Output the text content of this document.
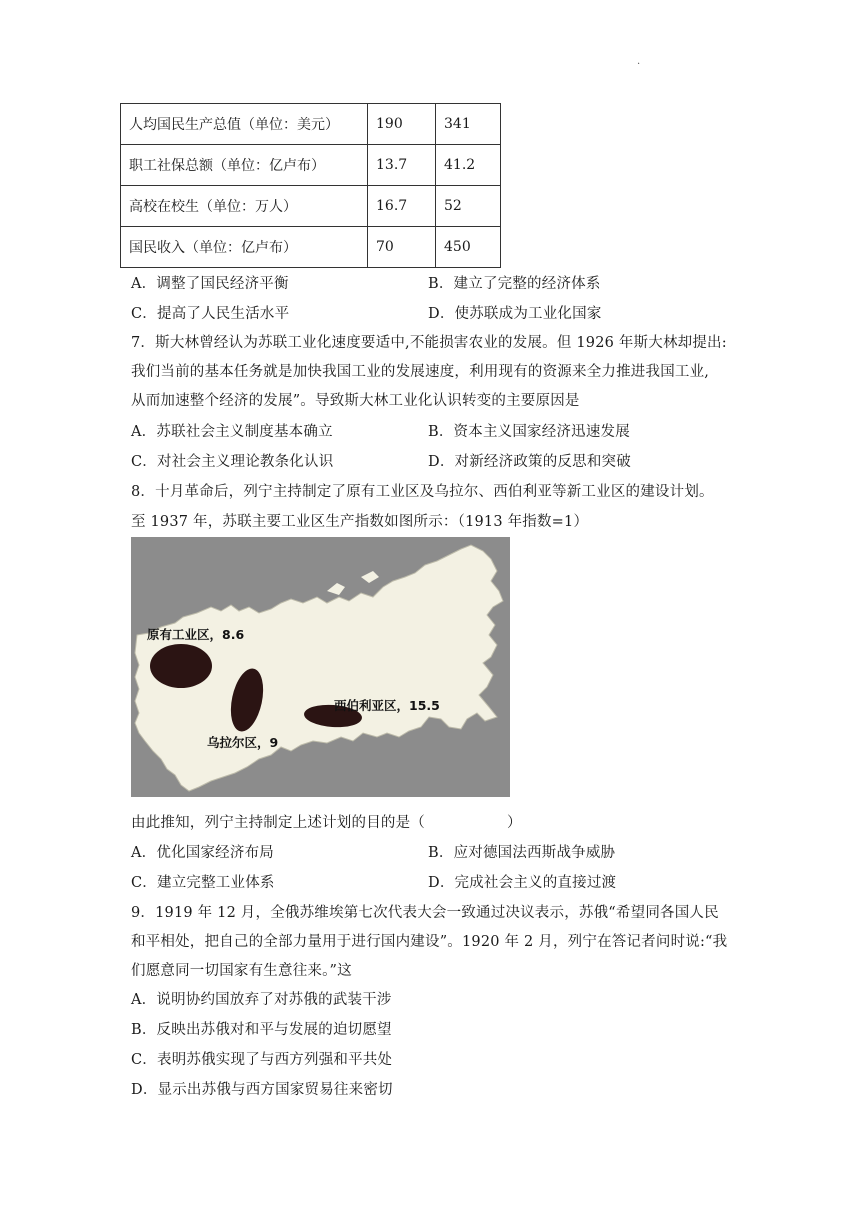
.
人均国民生产总值（单位：美元）	190	341
职工社保总额（单位：亿卢布）	13.7	41.2
高校在校生（单位：万人）	16.7	52
国民收入（单位：亿卢布）	70	450
A．调整了国民经济平衡	B．建立了完整的经济体系
C．提高了人民生活水平	D．使苏联成为工业化国家
7．斯大林曾经认为苏联工业化速度要适中,不能损害农业的发展。但 1926 年斯大林却提出:
我们当前的基本任务就是加快我国工业的发展速度，利用现有的资源来全力推进我国工业,
从而加速整个经济的发展”。导致斯大林工业化认识转变的主要原因是
A．苏联社会主义制度基本确立	B．资本主义国家经济迅速发展
C．对社会主义理论教条化认识	D．对新经济政策的反思和突破
8．十月革命后，列宁主持制定了原有工业区及乌拉尔、西伯利亚等新工业区的建设计划。
至 1937 年，苏联主要工业区生产指数如图所示：（1913 年指数=1）
原有工业区，8.6
西伯利亚区，15.5
乌拉尔区，9
由此推知，列宁主持制定上述计划的目的是（	）
A．优化国家经济布局	B．应对德国法西斯战争威胁
C．建立完整工业体系	D．完成社会主义的直接过渡
9．1919 年 12 月，全俄苏维埃第七次代表大会一致通过决议表示，苏俄“希望同各国人民
和平相处，把自己的全部力量用于进行国内建设”。1920 年 2 月，列宁在答记者问时说:“我
们愿意同一切国家有生意往来。”这
A．说明协约国放弃了对苏俄的武装干涉
B．反映出苏俄对和平与发展的迫切愿望
C．表明苏俄实现了与西方列强和平共处
D．显示出苏俄与西方国家贸易往来密切
